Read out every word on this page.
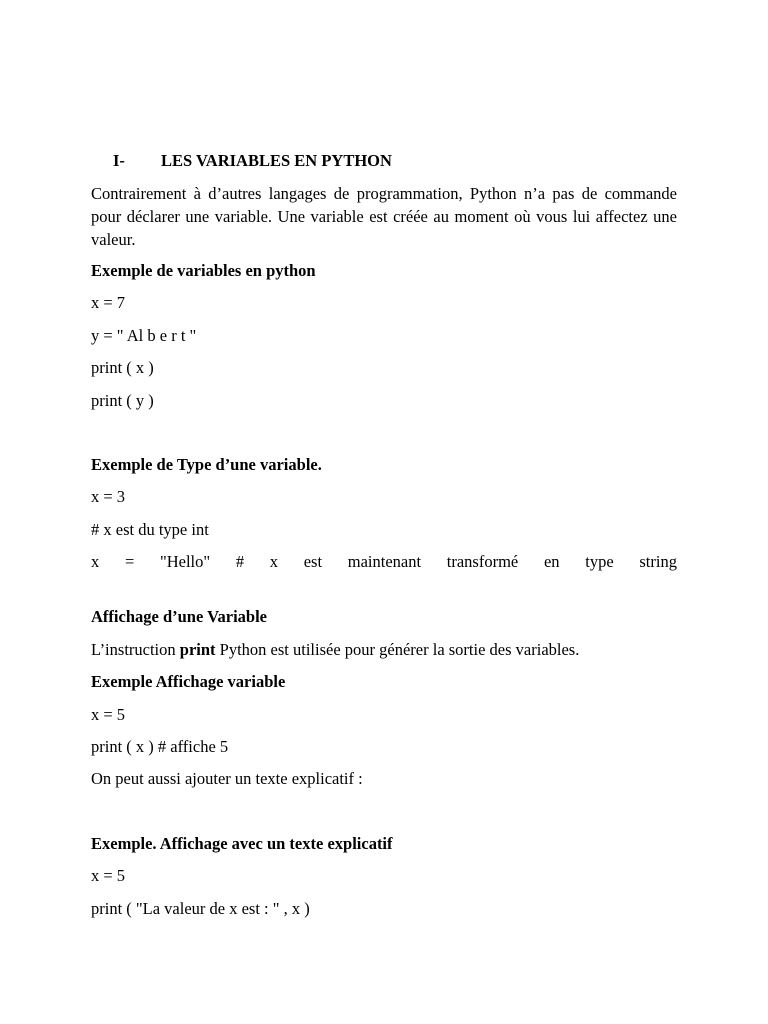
I- LES VARIABLES EN PYTHON
Contrairement à d’autres langages de programmation, Python n’a pas de commande pour déclarer une variable. Une variable est créée au moment où vous lui affectez une valeur.
Exemple de variables en python
x = 7
y = " Al b e r t "
print ( x )
print ( y )
Exemple de Type d’une variable.
x = 3
# x est du type int
x = "Hello" # x est maintenant transformé en type string
Affichage d’une Variable
L’instruction print Python est utilisée pour générer la sortie des variables.
Exemple Affichage variable
x = 5
print ( x ) # affiche 5
On peut aussi ajouter un texte explicatif :
Exemple. Affichage avec un texte explicatif
x = 5
print ( "La valeur de x est : " , x )
